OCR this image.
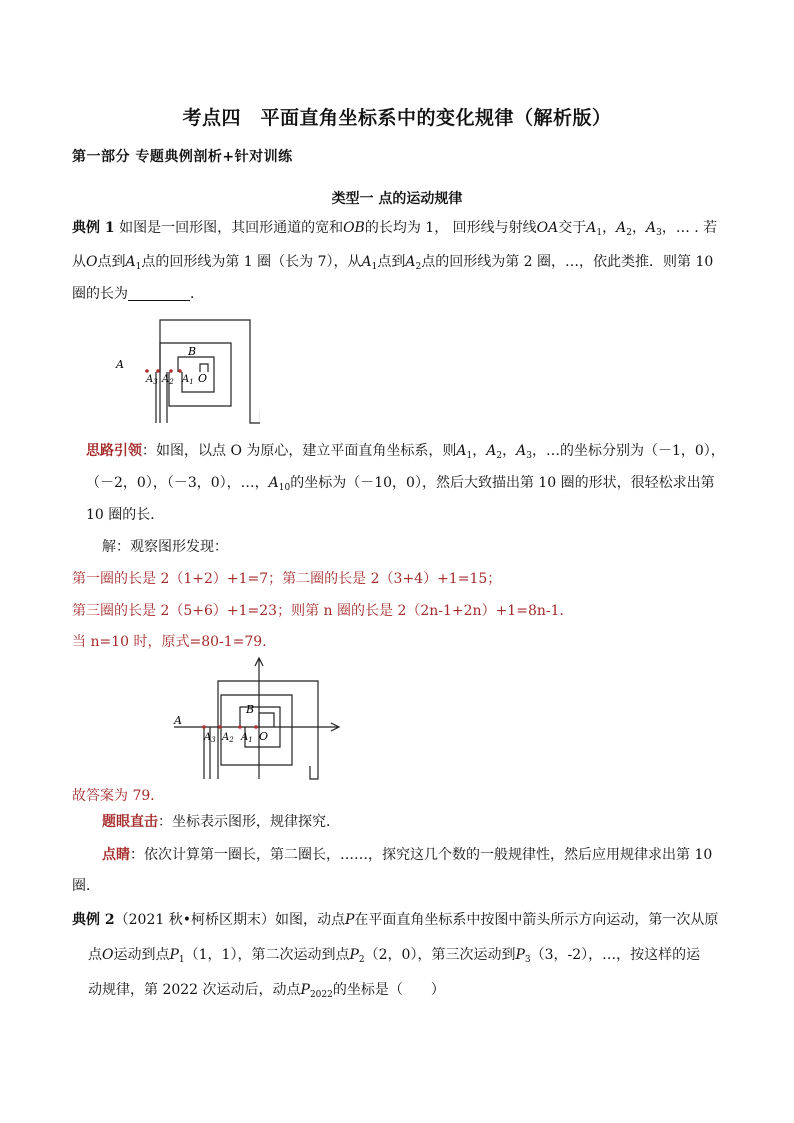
考点四　平面直角坐标系中的变化规律（解析版）
第一部分 专题典例剖析+针对训练
类型一 点的运动规律
典例 1 如图是一回形图，其回形通道的宽和OB的长均为 1， 回形线与射线OA交于$A_1$，$A_2$，$A_3$，… . 若
从O点到$A_1$点的回形线为第 1 圈（长为 7），从$A_1$点到$A_2$点的回形线为第 2 圈，…，依此类推．则第 10
圈的长为	．
A
B
O
$A_3$ $A_2$ $A_1$
思路引领：如图，以点 O 为原心，建立平面直角坐标系，则$A_1$，$A_2$，$A_3$，…的坐标分别为（－1，0），
（－2，0），（－3，0），…，$A_{10}$的坐标为（－10，0），然后大致描出第 10 圈的形状，很轻松求出第
10 圈的长．
解：观察图形发现：
第一圈的长是 2（1+2）+1=7；第二圈的长是 2（3+4）+1=15；
第三圈的长是 2（5+6）+1=23；则第 n 圈的长是 2（2n-1+2n）+1=8n-1．
当 n=10 时，原式=80-1=79．
A
B
O
$A_3$ $A_2$ $A_1$
故答案为 79．
题眼直击：坐标表示图形，规律探究．
点睛：依次计算第一圈长，第二圈长，……，探究这几个数的一般规律性，然后应用规律求出第 10
圈．
典例 2（2021 秋•柯桥区期末）如图，动点P在平面直角坐标系中按图中箭头所示方向运动，第一次从原
点O运动到点$P_1(1$，1），第二次运动到点$P_2(2$，0），第三次运动到$P_3(3$，-2），…，按这样的运
动规律，第 2022 次运动后，动点$P_{2022}$的坐标是（　　）
